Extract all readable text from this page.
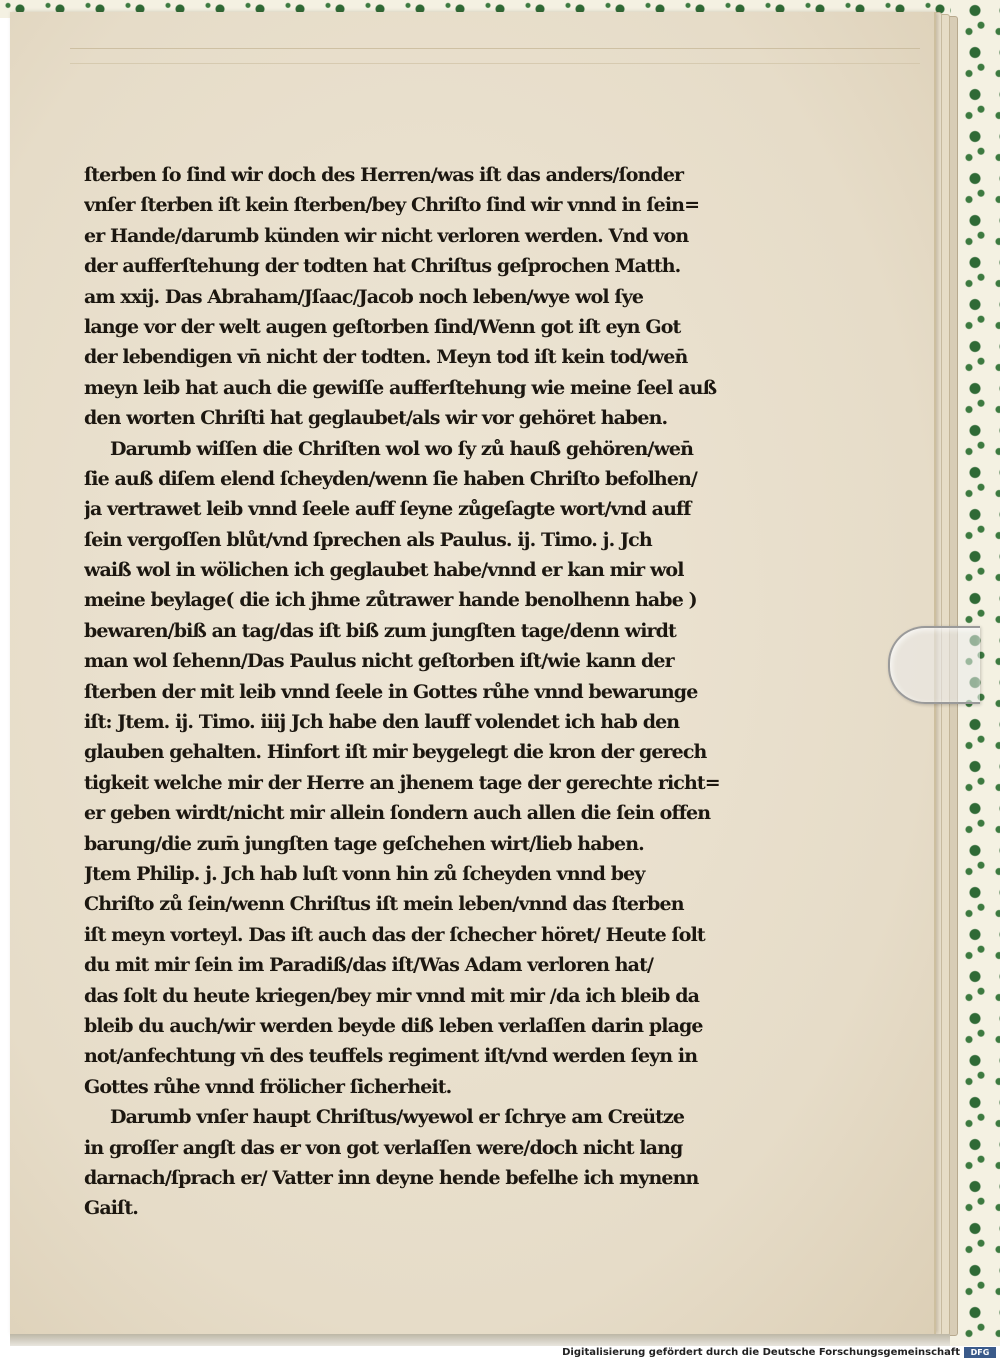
ſterben ſo ſind wir doch des Herren/was iſt das anders/ſonder
vnſer ſterben iſt kein ſterben/bey Chriſto ſind wir vnnd in ſein=
er Hande/darumb künden wir nicht verloren werden. Vnd von
der aufferſtehung der todten hat Chriſtus geſprochen Matth.
am xxij. Das Abraham/Jſaac/Jacob noch leben/wye wol ſye
lange vor der welt augen geſtorben ſind/Wenn got iſt eyn Got
der lebendigen vn̄ nicht der todten. Meyn tod iſt kein tod/wen̄
meyn leib hat auch die gewiſſe aufferſtehung wie meine ſeel auß
den worten Chriſti hat geglaubet/als wir vor gehöret haben.
Darumb wiſſen die Chriſten wol wo ſy zů hauß gehören/wen̄
ſie auß diſem elend ſcheyden/wenn ſie haben Chriſto befolhen/
ja vertrawet leib vnnd ſeele auff ſeyne zůgeſagte wort/vnd auff
ſein vergoſſen blůt/vnd ſprechen als Paulus. ij. Timo. j. Jch
waiß wol in wölichen ich geglaubet habe/vnnd er kan mir wol
meine beylage( die ich jhme zůtrawer hande benolhenn habe )
bewaren/biß an tag/das iſt biß zum jungſten tage/denn wirdt
man wol ſehenn/Das Paulus nicht geſtorben iſt/wie kann der
ſterben der mit leib vnnd ſeele in Gottes růhe vnnd bewarunge
iſt: Jtem. ij. Timo. iiij Jch habe den lauff volendet ich hab den
glauben gehalten. Hinfort iſt mir beygelegt die kron der gerech
tigkeit welche mir der Herre an jhenem tage der gerechte richt=
er geben wirdt/nicht mir allein ſondern auch allen die ſein offen
barung/die zum̄ jungſten tage geſchehen wirt/lieb haben.
Jtem Philip. j. Jch hab luſt vonn hin zů ſcheyden vnnd bey
Chriſto zů ſein/wenn Chriſtus iſt mein leben/vnnd das ſterben
iſt meyn vorteyl. Das iſt auch das der ſchecher höret/ Heute ſolt
du mit mir ſein im Paradiß/das iſt/Was Adam verloren hat/
das ſolt du heute kriegen/bey mir vnnd mit mir /da ich bleib da
bleib du auch/wir werden beyde diß leben verlaſſen darin plage
not/anfechtung vn̄ des teuffels regiment iſt/vnd werden ſeyn in
Gottes růhe vnnd frölicher ſicherheit.
Darumb vnſer haupt Chriſtus/wyewol er ſchrye am Creütze
in groſſer angſt das er von got verlaſſen were/doch nicht lang
darnach/ſprach er/ Vatter inn deyne hende befelhe ich mynenn
Gaiſt.
Digitalisierung gefördert durch die Deutsche Forschungsgemeinschaft	DFG
